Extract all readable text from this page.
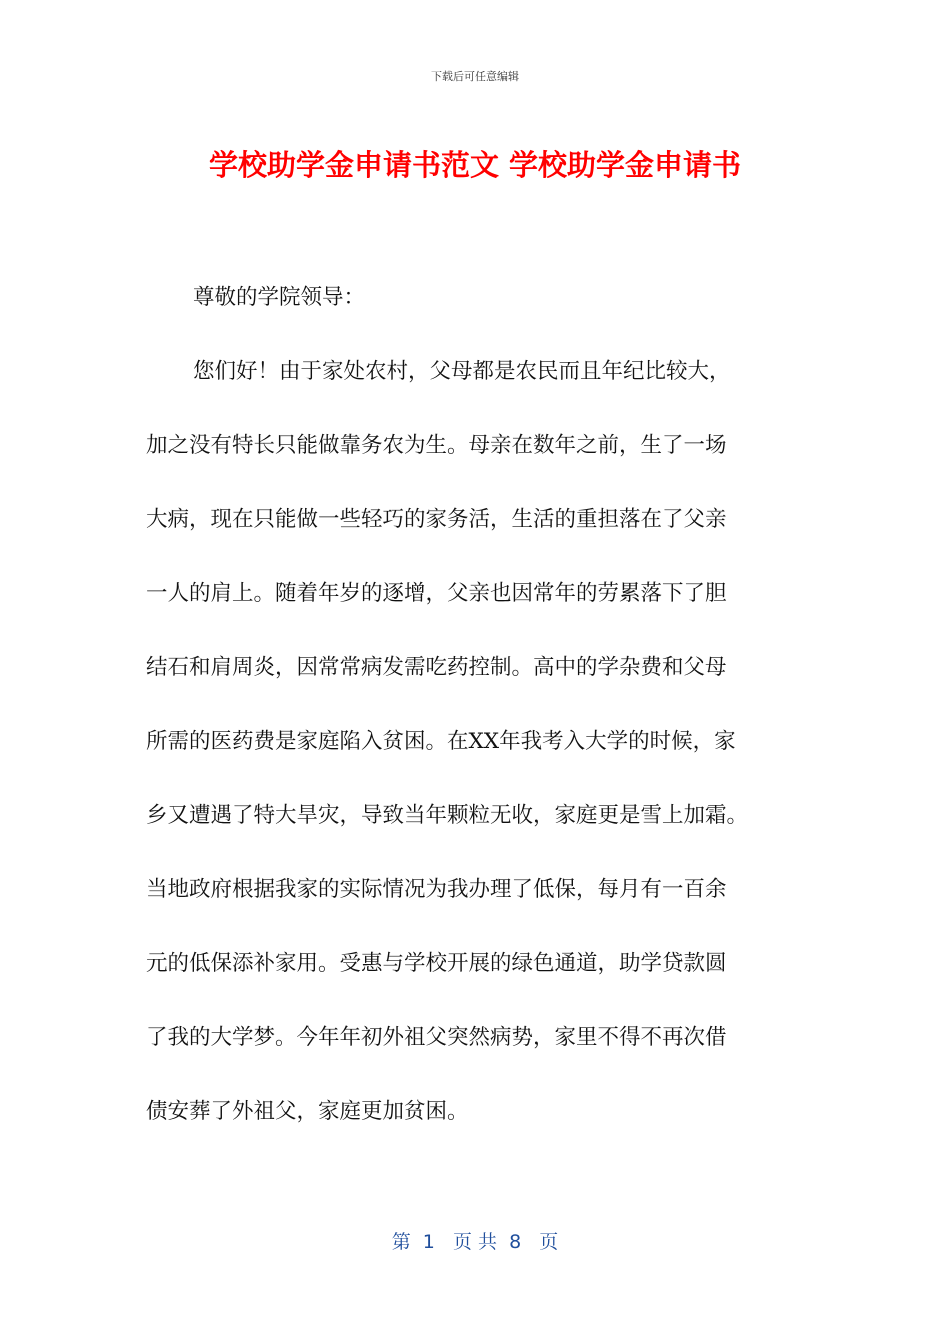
下载后可任意编辑
学校助学金申请书范文 学校助学金申请书
尊敬的学院领导：
您们好！由于家处农村，父母都是农民而且年纪比较大，
加之没有特长只能做靠务农为生。母亲在数年之前，生了一场
大病，现在只能做一些轻巧的家务活，生活的重担落在了父亲
一人的肩上。随着年岁的逐增，父亲也因常年的劳累落下了胆
结石和肩周炎，因常常病发需吃药控制。高中的学杂费和父母
所需的医药费是家庭陷入贫困。在XX年我考入大学的时候，家
乡又遭遇了特大旱灾，导致当年颗粒无收，家庭更是雪上加霜。
当地政府根据我家的实际情况为我办理了低保，每月有一百余
元的低保添补家用。受惠与学校开展的绿色通道，助学贷款圆
了我的大学梦。今年年初外祖父突然病势，家里不得不再次借
债安葬了外祖父，家庭更加贫困。
第  1   页 共  8   页
